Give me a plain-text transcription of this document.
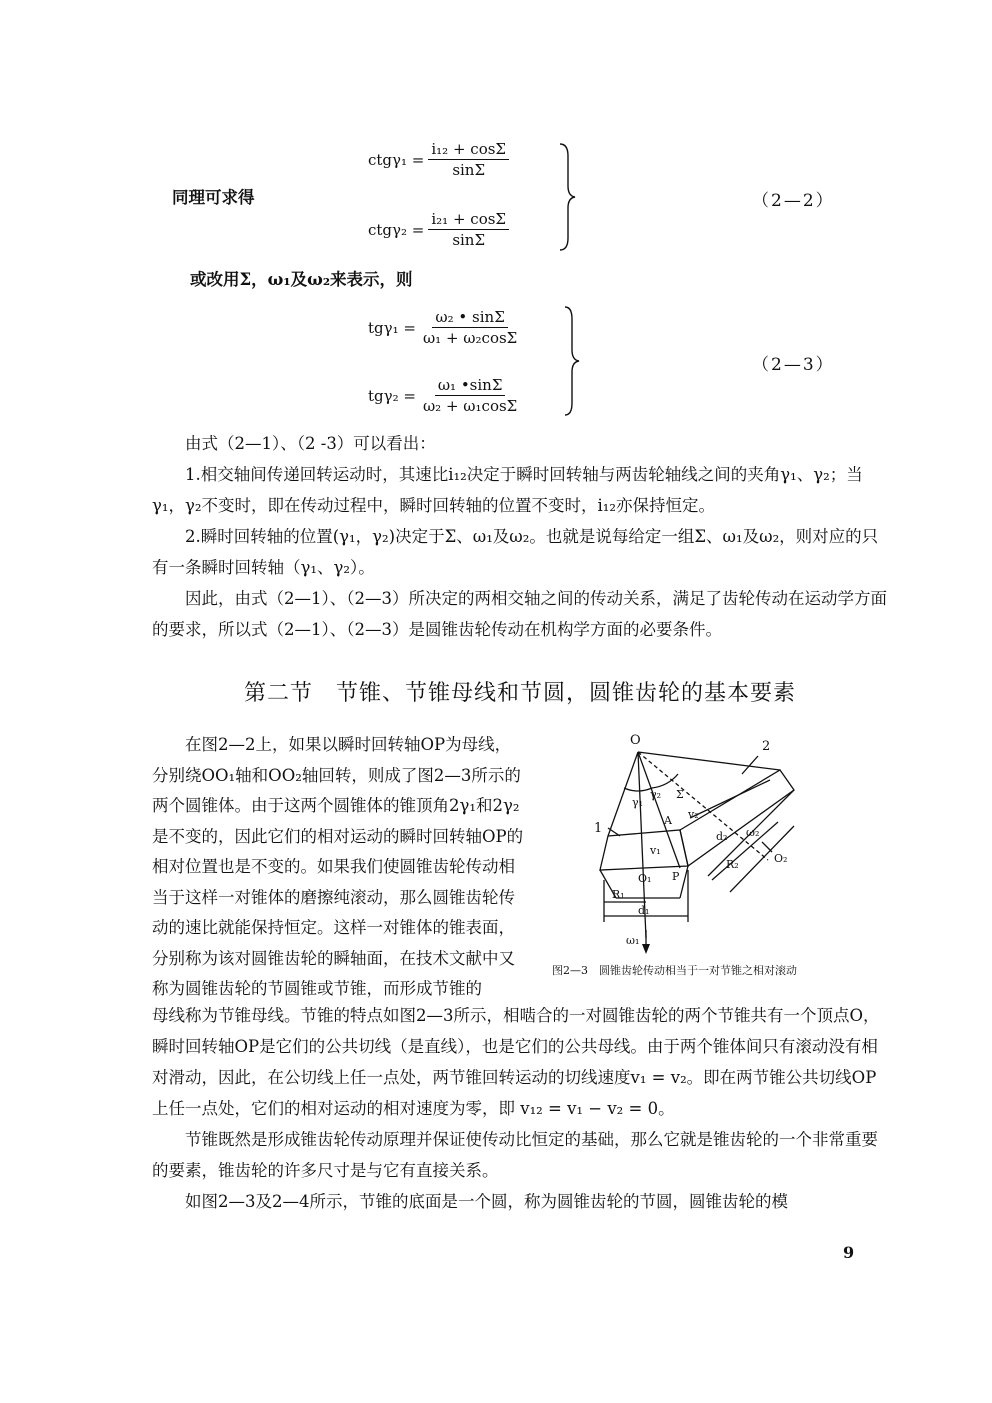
$ctg\gamma_1 = \frac{\text{i₁₂ + cosΣ}}{\sin\Sigma}$
同理可求得
$ctg\gamma_2 = \frac{\text{i₂₁ + cosΣ}}{\sin\Sigma}$
（2—2）
或改用Σ，ω₁及ω₂来表示，则
$tg\gamma_1 = \frac{\text{ω₂ • sinΣ}}{\text{ω₁ + ω₂cosΣ}}$
$tg\gamma_2 = \frac{\text{ω₁ •sinΣ}}{\text{ω₂ + ω₁cosΣ}}$
（2—3）

由式（2—1）、（2 -3）可以看出：

1.相交轴间传递回转运动时，其速比i₁₂决定于瞬时回转轴与两齿轮轴线之间的夹角γ₁、γ₂；当γ₁，γ₂不变时，即在传动过程中，瞬时回转轴的位置不变时，i₁₂亦保持恒定。

2.瞬时回转轴的位置(γ₁，γ₂)决定于Σ、ω₁及ω₂。也就是说每给定一组Σ、ω₁及ω₂，则对应的只有一条瞬时回转轴（γ₁、γ₂）。

因此，由式（2—1）、（2—3）所决定的两相交轴之间的传动关系，满足了齿轮传动在运动学方面的要求，所以式（2—1）、（2—3）是圆锥齿轮传动在机构学方面的必要条件。

第二节　节锥、节锥母线和节圆，圆锥齿轮的基本要素
在图2—2上，如果以瞬时回转轴OP为母线，分别绕OO₁轴和OO₂轴回转，则成了图2—3所示的两个圆锥体。由于这两个圆锥体的锥顶角2γ₁和2γ₂是不变的，因此它们的相对运动的瞬时回转轴OP的相对位置也是不变的。如果我们使圆锥齿轮传动相当于这样一对锥体的磨擦纯滚动，那么圆锥齿轮传动的速比就能保持恒定。这样一对锥体的锥表面，分别称为该对圆锥齿轮的瞬轴面，在技术文献中又称为圆锥齿轮的节圆锥或节锥，而形成节锥的
O	2
1
γ₁
γ₂ Σ
A v₂
d₂ ω₂
O₂
R₂
v₁
O₁ P
R₁
d₁
ω₁
图2—3　圆锥齿轮传动相当于一对节锥之相对滚动

母线称为节锥母线。节锥的特点如图2—3所示，相啮合的一对圆锥齿轮的两个节锥共有一个顶点O，瞬时回转轴OP是它们的公共切线（是直线），也是它们的公共母线。由于两个锥体间只有滚动没有相对滑动，因此，在公切线上任一点处，两节锥回转运动的切线速度v₁ = v₂。即在两节锥公共切线OP上任一点处，它们的相对运动的相对速度为零，即 v₁₂ = v₁ − v₂ = 0。

节锥既然是形成锥齿轮传动原理并保证使传动比恒定的基础，那么它就是锥齿轮的一个非常重要的要素，锥齿轮的许多尺寸是与它有直接关系。

如图2—3及2—4所示，节锥的底面是一个圆，称为圆锥齿轮的节圆，圆锥齿轮的模

9
